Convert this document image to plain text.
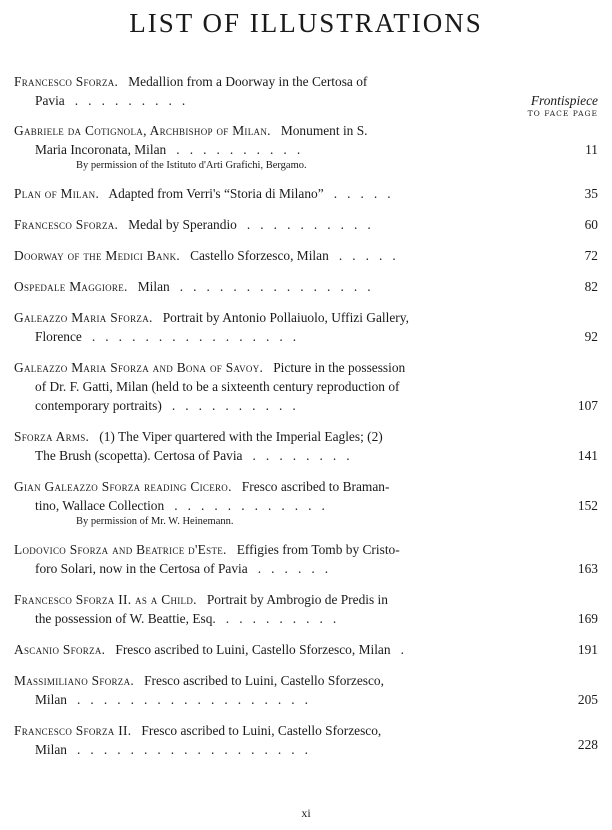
LIST OF ILLUSTRATIONS
Francesco Sforza. Medallion from a Doorway in the Certosa of
Pavia   .   .   .   .   .   .   .   .   .	Frontispiece
TO FACE PAGE
Gabriele da Cotignola, Archbishop of Milan. Monument in S.
Maria Incoronata, Milan   .   .   .   .   .   .   .   .   .   .	11
By permission of the Istituto d'Arti Grafichi, Bergamo.
Plan of Milan. Adapted from Verri's “Storia di Milano”   .   .   .   .   .	35
Francesco Sforza. Medal by Sperandio   .   .   .   .   .   .   .   .   .   .	60
Doorway of the Medici Bank. Castello Sforzesco, Milan   .   .   .   .   .	72
Ospedale Maggiore. Milan   .   .   .   .   .   .   .   .   .   .   .   .   .   .   .	82
Galeazzo Maria Sforza. Portrait by Antonio Pollaiuolo, Uffizi Gallery,
Florence   .   .   .   .   .   .   .   .   .   .   .   .   .   .   .   .	92
Galeazzo Maria Sforza and Bona of Savoy. Picture in the possession
of Dr. F. Gatti, Milan (held to be a sixteenth century reproduction of
contemporary portraits)   .   .   .   .   .   .   .   .   .   .	107
Sforza Arms. (1) The Viper quartered with the Imperial Eagles; (2)
The Brush (scopetta). Certosa of Pavia   .   .   .   .   .   .   .   .	141
Gian Galeazzo Sforza reading Cicero. Fresco ascribed to Braman-
tino, Wallace Collection   .   .   .   .   .   .   .   .   .   .   .   .	152
By permission of Mr. W. Heinemann.
Lodovico Sforza and Beatrice d'Este. Effigies from Tomb by Cristo-
foro Solari, now in the Certosa of Pavia   .   .   .   .   .   .	163
Francesco Sforza II. as a Child. Portrait by Ambrogio de Predis in
the possession of W. Beattie, Esq.   .   .   .   .   .   .   .   .   .	169
Ascanio Sforza. Fresco ascribed to Luini, Castello Sforzesco, Milan   .	191
Massimiliano Sforza. Fresco ascribed to Luini, Castello Sforzesco,
Milan   .   .   .   .   .   .   .   .   .   .   .   .   .   .   .   .   .   .	205
Francesco Sforza II. Fresco ascribed to Luini, Castello Sforzesco,
Milan   .   .   .   .   .   .   .   .   .   .   .   .   .   .   .   .   .   .	228
xi
